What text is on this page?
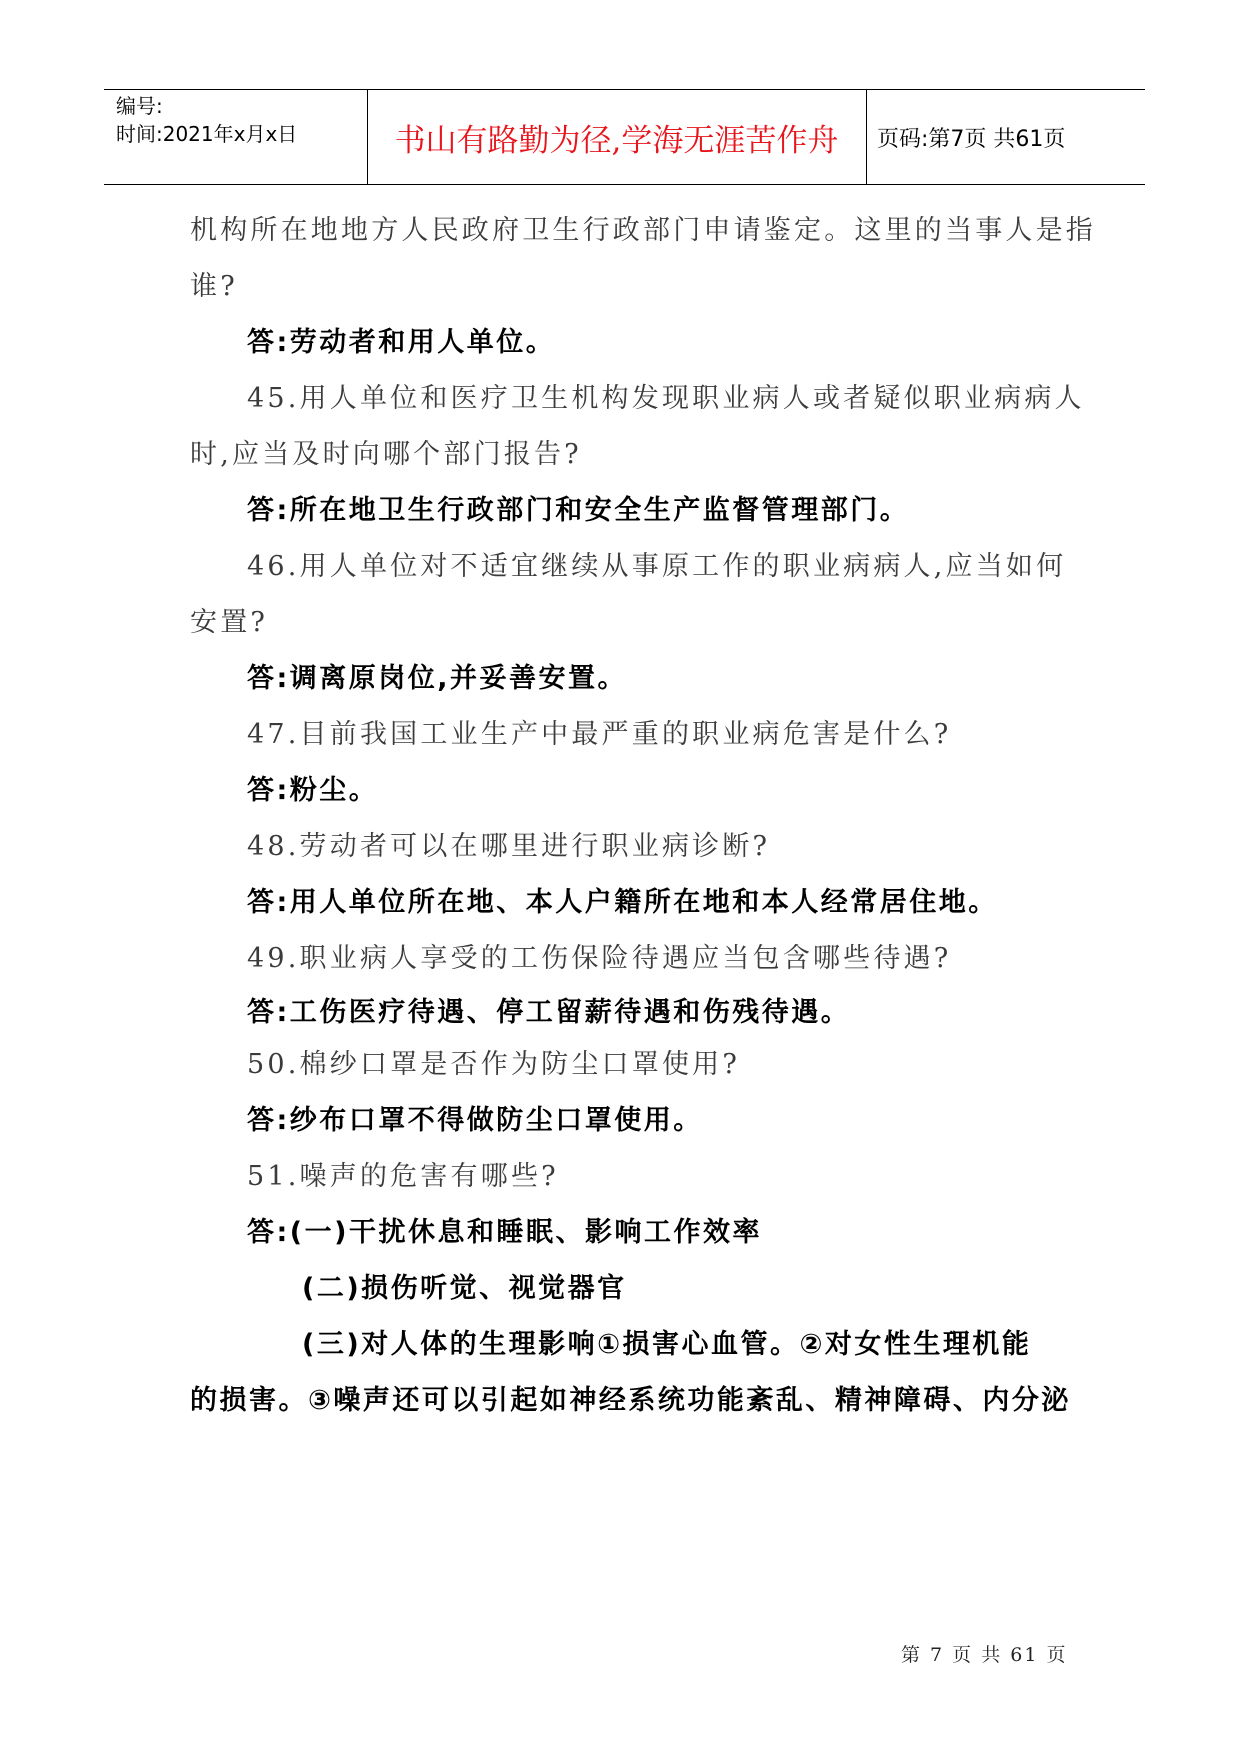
编号:
时间:2021年x月x日	书山有路勤为径,学海无涯苦作舟	页码:第7页 共61页
机构所在地地方人民政府卫生行政部门申请鉴定。这里的当事人是指
谁?
答:劳动者和用人单位。
45.用人单位和医疗卫生机构发现职业病人或者疑似职业病病人
时,应当及时向哪个部门报告?
答:所在地卫生行政部门和安全生产监督管理部门。
46.用人单位对不适宜继续从事原工作的职业病病人,应当如何
安置?
答:调离原岗位,并妥善安置。
47.目前我国工业生产中最严重的职业病危害是什么?
答:粉尘。
48.劳动者可以在哪里进行职业病诊断?
答:用人单位所在地、本人户籍所在地和本人经常居住地。
49.职业病人享受的工伤保险待遇应当包含哪些待遇?
答:工伤医疗待遇、停工留薪待遇和伤残待遇。
50.棉纱口罩是否作为防尘口罩使用?
答:纱布口罩不得做防尘口罩使用。
51.噪声的危害有哪些?
答:(一)干扰休息和睡眠、影响工作效率
(二)损伤听觉、视觉器官
(三)对人体的生理影响①损害心血管。②对女性生理机能
的损害。③噪声还可以引起如神经系统功能紊乱、精神障碍、内分泌
第 7 页 共 61 页
